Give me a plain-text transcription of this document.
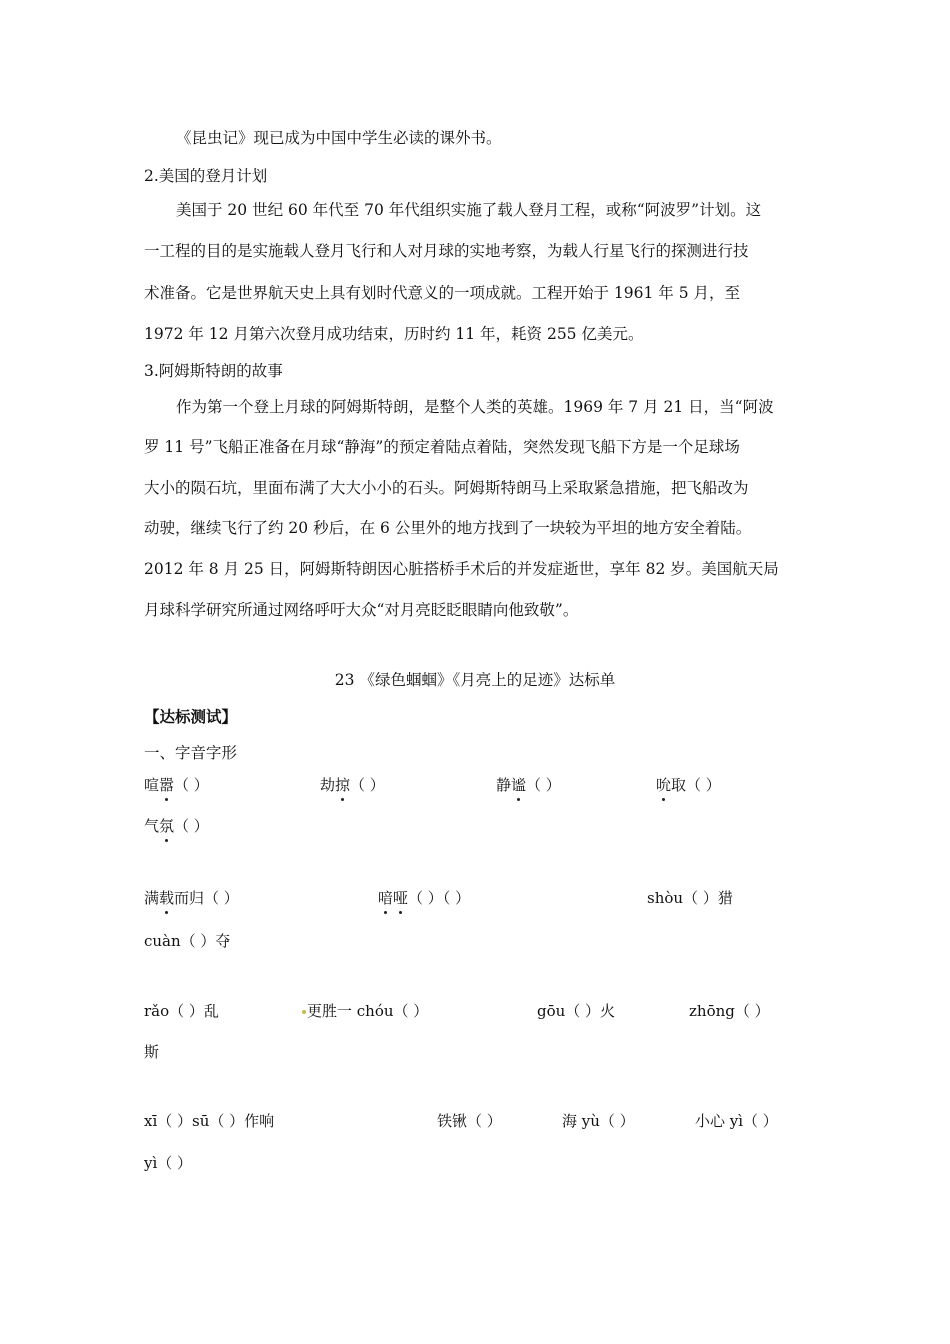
《昆虫记》现已成为中国中学生必读的课外书。
2.美国的登月计划
美国于 20 世纪 60 年代至 70 年代组织实施了载人登月工程，或称“阿波罗”计划。这
一工程的目的是实施载人登月飞行和人对月球的实地考察，为载人行星飞行的探测进行技
术准备。它是世界航天史上具有划时代意义的一项成就。工程开始于 1961 年 5 月，至
1972 年 12 月第六次登月成功结束，历时约 11 年，耗资 255 亿美元。
3.阿姆斯特朗的故事
作为第一个登上月球的阿姆斯特朗，是整个人类的英雄。1969 年 7 月 21 日，当“阿波
罗 11 号”飞船正准备在月球“静海”的预定着陆点着陆，突然发现飞船下方是一个足球场
大小的陨石坑，里面布满了大大小小的石头。阿姆斯特朗马上采取紧急措施，把飞船改为
动驶，继续飞行了约 20 秒后，在 6 公里外的地方找到了一块较为平坦的地方安全着陆。
2012 年 8 月 25 日，阿姆斯特朗因心脏搭桥手术后的并发症逝世，享年 82 岁。美国航天局
月球科学研究所通过网络呼吁大众“对月亮眨眨眼睛向他致敬”。
23 《绿色蝈蝈》《月亮上的足迹》达标单
【达标测试】
一、字音字形
喧嚣（ ）	劫掠（ ）	静谧（ ）	吮取（ ）
气氛（ ）
满载而归（ ）	喑哑（ ）（ ）	shòu（ ）猎
cuàn（ ）夺
rǎo（ ）乱	更胜一 chóu（ ）	gōu（ ）火	zhōng（ ）
斯
xī（ ）sū（ ）作响	铁锹（ ）	海 yù（ ）	小心 yì（ ）
yì（ ）
